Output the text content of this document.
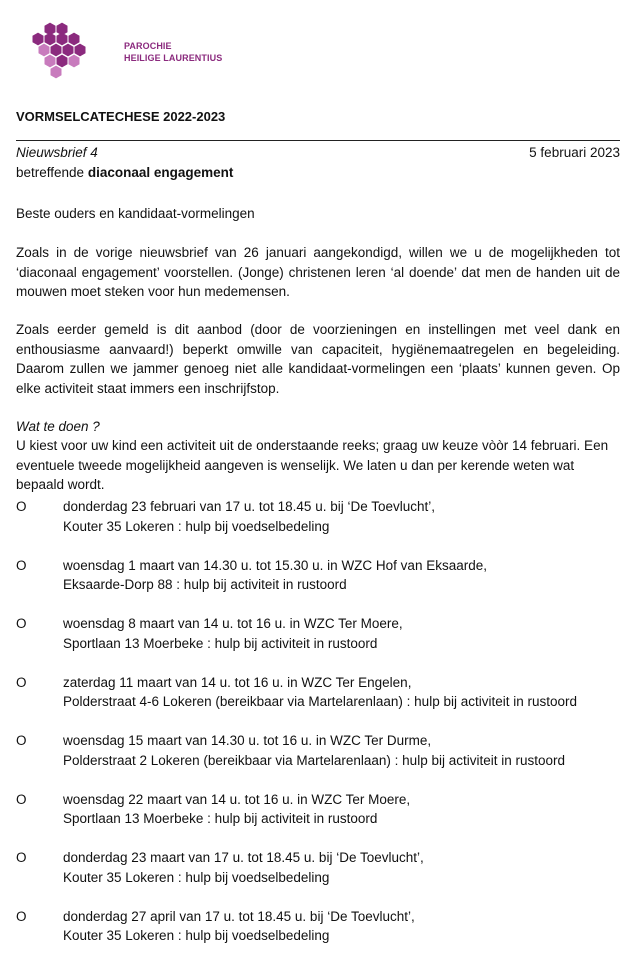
PAROCHIE
HEILIGE LAURENTIUS
VORMSELCATECHESE 2022-2023
Nieuwsbrief 4	5 februari 2023
betreffende diaconaal engagement
Beste ouders en kandidaat-vormelingen
Zoals in de vorige nieuwsbrief van 26 januari aangekondigd, willen we u de mogelijkheden tot ‘diaconaal engagement’ voorstellen. (Jonge) christenen leren ‘al doende’ dat men de handen uit de mouwen moet steken voor hun medemensen.
Zoals eerder gemeld is dit aanbod (door de voorzieningen en instellingen met veel dank en enthousiasme aanvaard!) beperkt omwille van capaciteit, hygiënemaatregelen en begeleiding. Daarom zullen we jammer genoeg niet alle kandidaat-vormelingen een ‘plaats’ kunnen geven. Op elke activiteit staat immers een inschrijfstop.
Wat te doen ?
U kiest voor uw kind een activiteit uit de onderstaande reeks; graag uw keuze vòòr 14 februari. Een eventuele tweede mogelijkheid aangeven is wenselijk. We laten u dan per kerende weten wat bepaald wordt.
O	donderdag 23 februari van 17 u. tot 18.45 u. bij ‘De Toevlucht’,
Kouter 35 Lokeren : hulp bij voedselbedeling
O	woensdag 1 maart van 14.30 u. tot 15.30 u. in WZC Hof van Eksaarde,
Eksaarde-Dorp 88 : hulp bij activiteit in rustoord
O	woensdag 8 maart van 14 u. tot 16 u. in WZC Ter Moere,
Sportlaan 13 Moerbeke : hulp bij activiteit in rustoord
O	zaterdag 11 maart van 14 u. tot 16 u. in WZC Ter Engelen,
Polderstraat 4-6 Lokeren (bereikbaar via Martelarenlaan) : hulp bij activiteit in rustoord
O	woensdag 15 maart van 14.30 u. tot 16 u. in WZC Ter Durme,
Polderstraat 2 Lokeren (bereikbaar via Martelarenlaan) : hulp bij activiteit in rustoord
O	woensdag 22 maart van 14 u. tot 16 u. in WZC Ter Moere,
Sportlaan 13 Moerbeke : hulp bij activiteit in rustoord
O	donderdag 23 maart van 17 u. tot 18.45 u. bij ‘De Toevlucht’,
Kouter 35 Lokeren : hulp bij voedselbedeling
O	donderdag 27 april van 17 u. tot 18.45 u. bij ‘De Toevlucht’,
Kouter 35 Lokeren : hulp bij voedselbedeling
